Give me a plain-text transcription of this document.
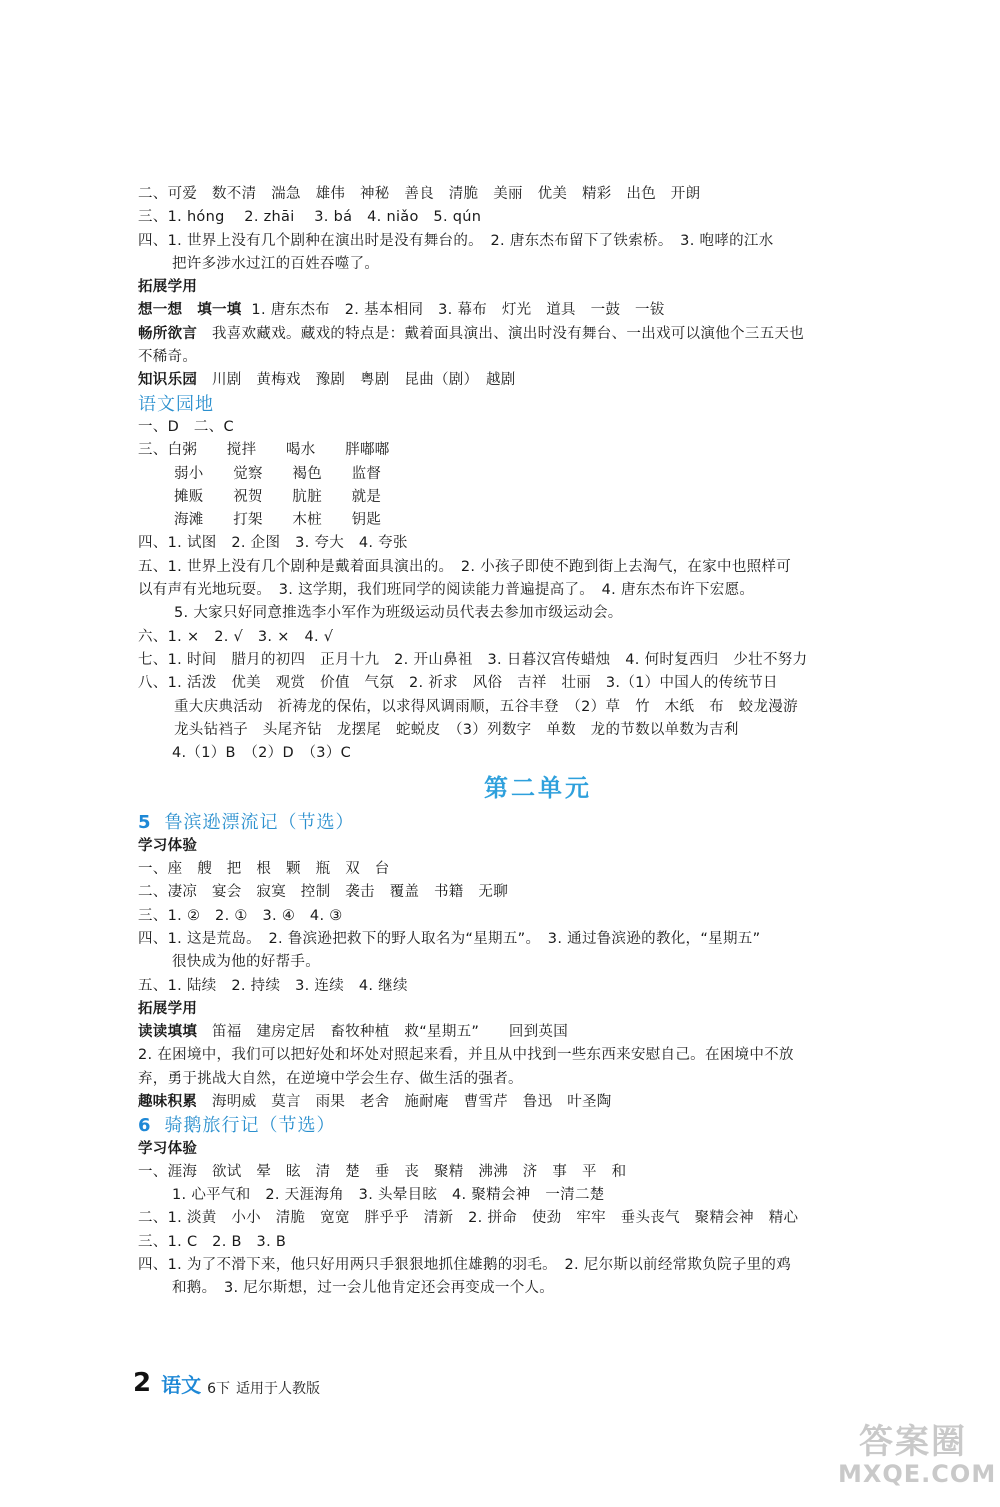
二、可爱　数不清　湍急　雄伟　神秘　善良　清脆　美丽　优美　精彩　出色　开朗
三、1. hóng　 2. zhāi　 3. bá　4. niǎo　5. qún
四、1. 世界上没有几个剧种在演出时是没有舞台的。　2. 唐东杰布留下了铁索桥。　3. 咆哮的江水
把许多涉水过江的百姓吞噬了。
拓展学用
想一想　填一填  1. 唐东杰布　2. 基本相同　3. 幕布　灯光　道具　一鼓　一钹
畅所欲言　我喜欢藏戏。藏戏的特点是：戴着面具演出、演出时没有舞台、一出戏可以演他个三五天也
不稀奇。
知识乐园　川剧　黄梅戏　豫剧　粤剧　昆曲（剧）　越剧
语文园地
一、D　二、C
三、白粥　　搅拌　　喝水　　胖嘟嘟
弱小　　觉察　　褐色　　监督
摊贩　　祝贺　　肮脏　　就是
海滩　　打架　　木桩　　钥匙
四、1. 试图　2. 企图　3. 夸大　4. 夸张
五、1. 世界上没有几个剧种是戴着面具演出的。　2. 小孩子即使不跑到街上去淘气，在家中也照样可
以有声有光地玩耍。　3. 这学期，我们班同学的阅读能力普遍提高了。　4. 唐东杰布许下宏愿。
5. 大家只好同意推选李小军作为班级运动员代表去参加市级运动会。
六、1. ×　2. √　3. ×　4. √
七、1. 时间　腊月的初四　正月十九　2. 开山鼻祖　3. 日暮汉宫传蜡烛　4. 何时复西归　少壮不努力
八、1. 活泼　优美　观赏　价值　气氛　2. 祈求　风俗　吉祥　壮丽　3.（1）中国人的传统节日
重大庆典活动　祈祷龙的保佑，以求得风调雨顺，五谷丰登　（2）草　竹　木纸　布　蛟龙漫游
龙头钻裆子　头尾齐钻　龙摆尾　蛇蜕皮　（3）列数字　单数　龙的节数以单数为吉利
4.（1）B　（2）D　（3）C
第二单元
5 鲁滨逊漂流记（节选）
学习体验
一、座　艘　把　根　颗　瓶　双　台
二、凄凉　宴会　寂寞　控制　袭击　覆盖　书籍　无聊
三、1. ②　2. ①　3. ④　4. ③
四、1. 这是荒岛。　2. 鲁滨逊把救下的野人取名为“星期五”。　3. 通过鲁滨逊的教化，“星期五”
很快成为他的好帮手。
五、1. 陆续　2. 持续　3. 连续　4. 继续
拓展学用
读读填填　笛福　建房定居　畜牧种植　救“星期五”　　回到英国
2. 在困境中，我们可以把好处和坏处对照起来看，并且从中找到一些东西来安慰自己。在困境中不放
弃，勇于挑战大自然，在逆境中学会生存、做生活的强者。
趣味积累　海明威　莫言　雨果　老舍　施耐庵　曹雪芹　鲁迅　叶圣陶
6 骑鹅旅行记（节选）
学习体验
一、涯海　欲试　晕　眩　清　楚　垂　丧　聚精　沸沸　济　事　平　和
1. 心平气和　2. 天涯海角　3. 头晕目眩　4. 聚精会神　一清二楚
二、1. 淡黄　小小　清脆　宽宽　胖乎乎　清新　2. 拼命　使劲　牢牢　垂头丧气　聚精会神　精心
三、1. C　2. B　3. B
四、1. 为了不滑下来，他只好用两只手狠狠地抓住雄鹅的羽毛。　2. 尼尔斯以前经常欺负院子里的鸡
和鹅。　3. 尼尔斯想，过一会儿他肯定还会再变成一个人。
2 语文 6下 适用于人教版
答案圈
MXQE.COM
